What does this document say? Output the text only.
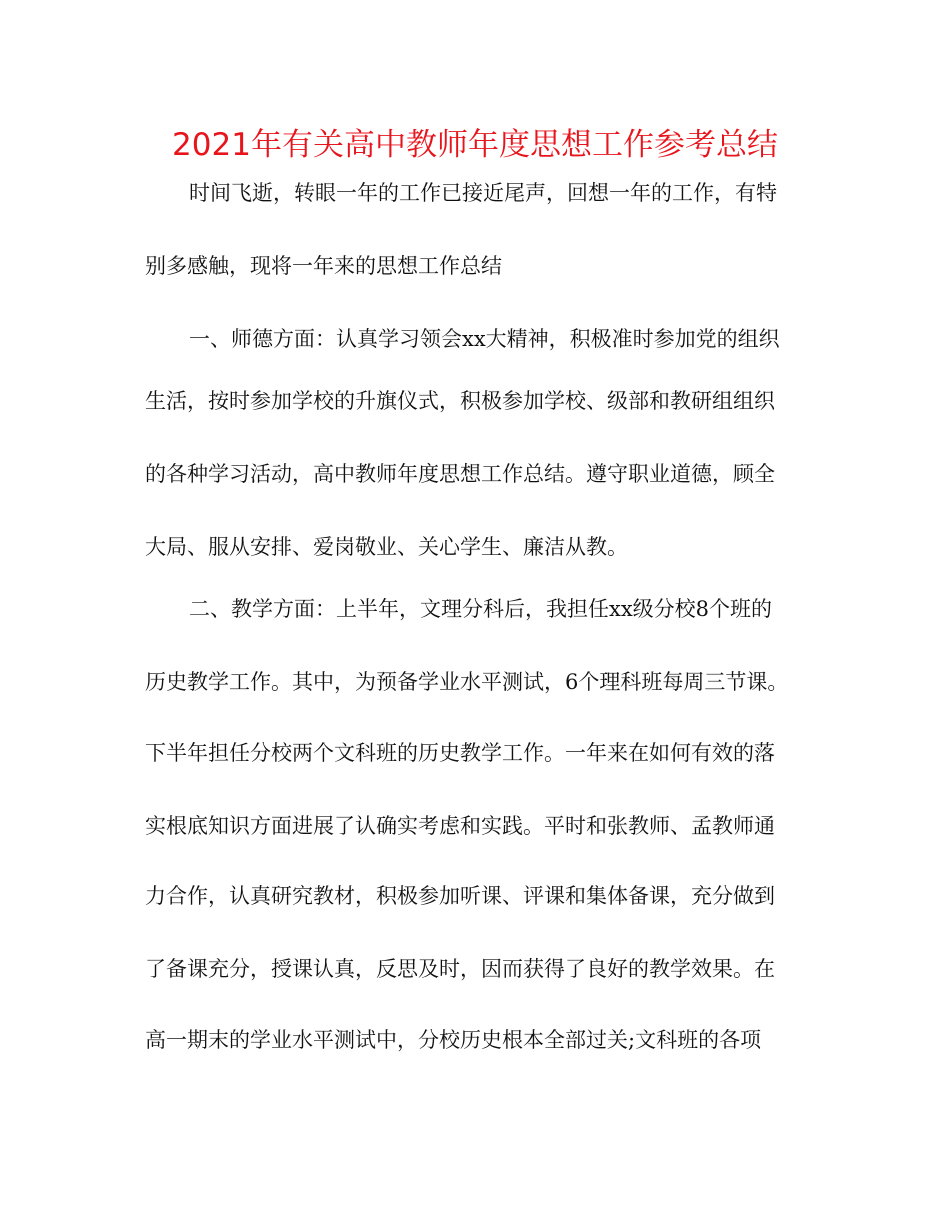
2021年有关高中教师年度思想工作参考总结
时间飞逝，转眼一年的工作已接近尾声，回想一年的工作，有特
别多感触，现将一年来的思想工作总结
一、师德方面：认真学习领会xx大精神，积极准时参加党的组织
生活，按时参加学校的升旗仪式，积极参加学校、级部和教研组组织
的各种学习活动，高中教师年度思想工作总结。遵守职业道德，顾全
大局、服从安排、爱岗敬业、关心学生、廉洁从教。
二、教学方面：上半年，文理分科后，我担任xx级分校8个班的
历史教学工作。其中，为预备学业水平测试，6个理科班每周三节课。
下半年担任分校两个文科班的历史教学工作。一年来在如何有效的落
实根底知识方面进展了认确实考虑和实践。平时和张教师、孟教师通
力合作，认真研究教材，积极参加听课、评课和集体备课，充分做到
了备课充分，授课认真，反思及时，因而获得了良好的教学效果。在
高一期末的学业水平测试中，分校历史根本全部过关;文科班的各项
